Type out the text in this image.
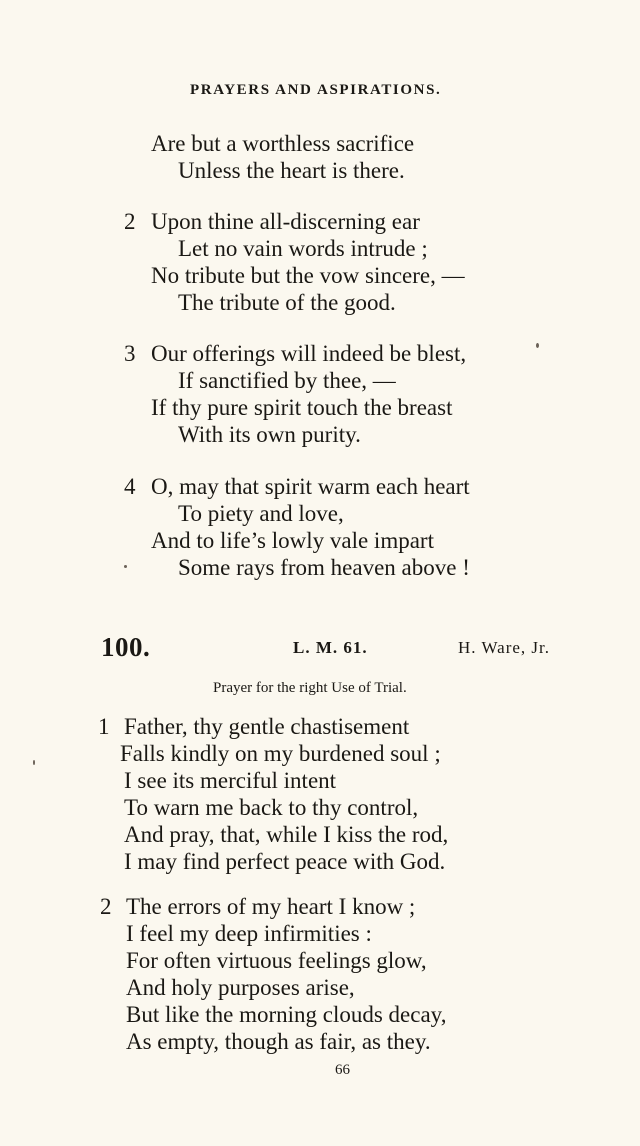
PRAYERS AND ASPIRATIONS.
Are but a worthless sacrifice
Unless the heart is there.
2 Upon thine all-discerning ear
Let no vain words intrude ;
No tribute but the vow sincere, —
The tribute of the good.
3 Our offerings will indeed be blest,
If sanctified by thee, —
If thy pure spirit touch the breast
With its own purity.
4 O, may that spirit warm each heart
To piety and love,
And to life’s lowly vale impart
Some rays from heaven above !
100.	L. M. 61.	H. Ware, Jr.
Prayer for the right Use of Trial.
1 Father, thy gentle chastisement
Falls kindly on my burdened soul ;
I see its merciful intent
To warn me back to thy control,
And pray, that, while I kiss the rod,
I may find perfect peace with God.
2 The errors of my heart I know ;
I feel my deep infirmities :
For often virtuous feelings glow,
And holy purposes arise,
But like the morning clouds decay,
As empty, though as fair, as they.
66
